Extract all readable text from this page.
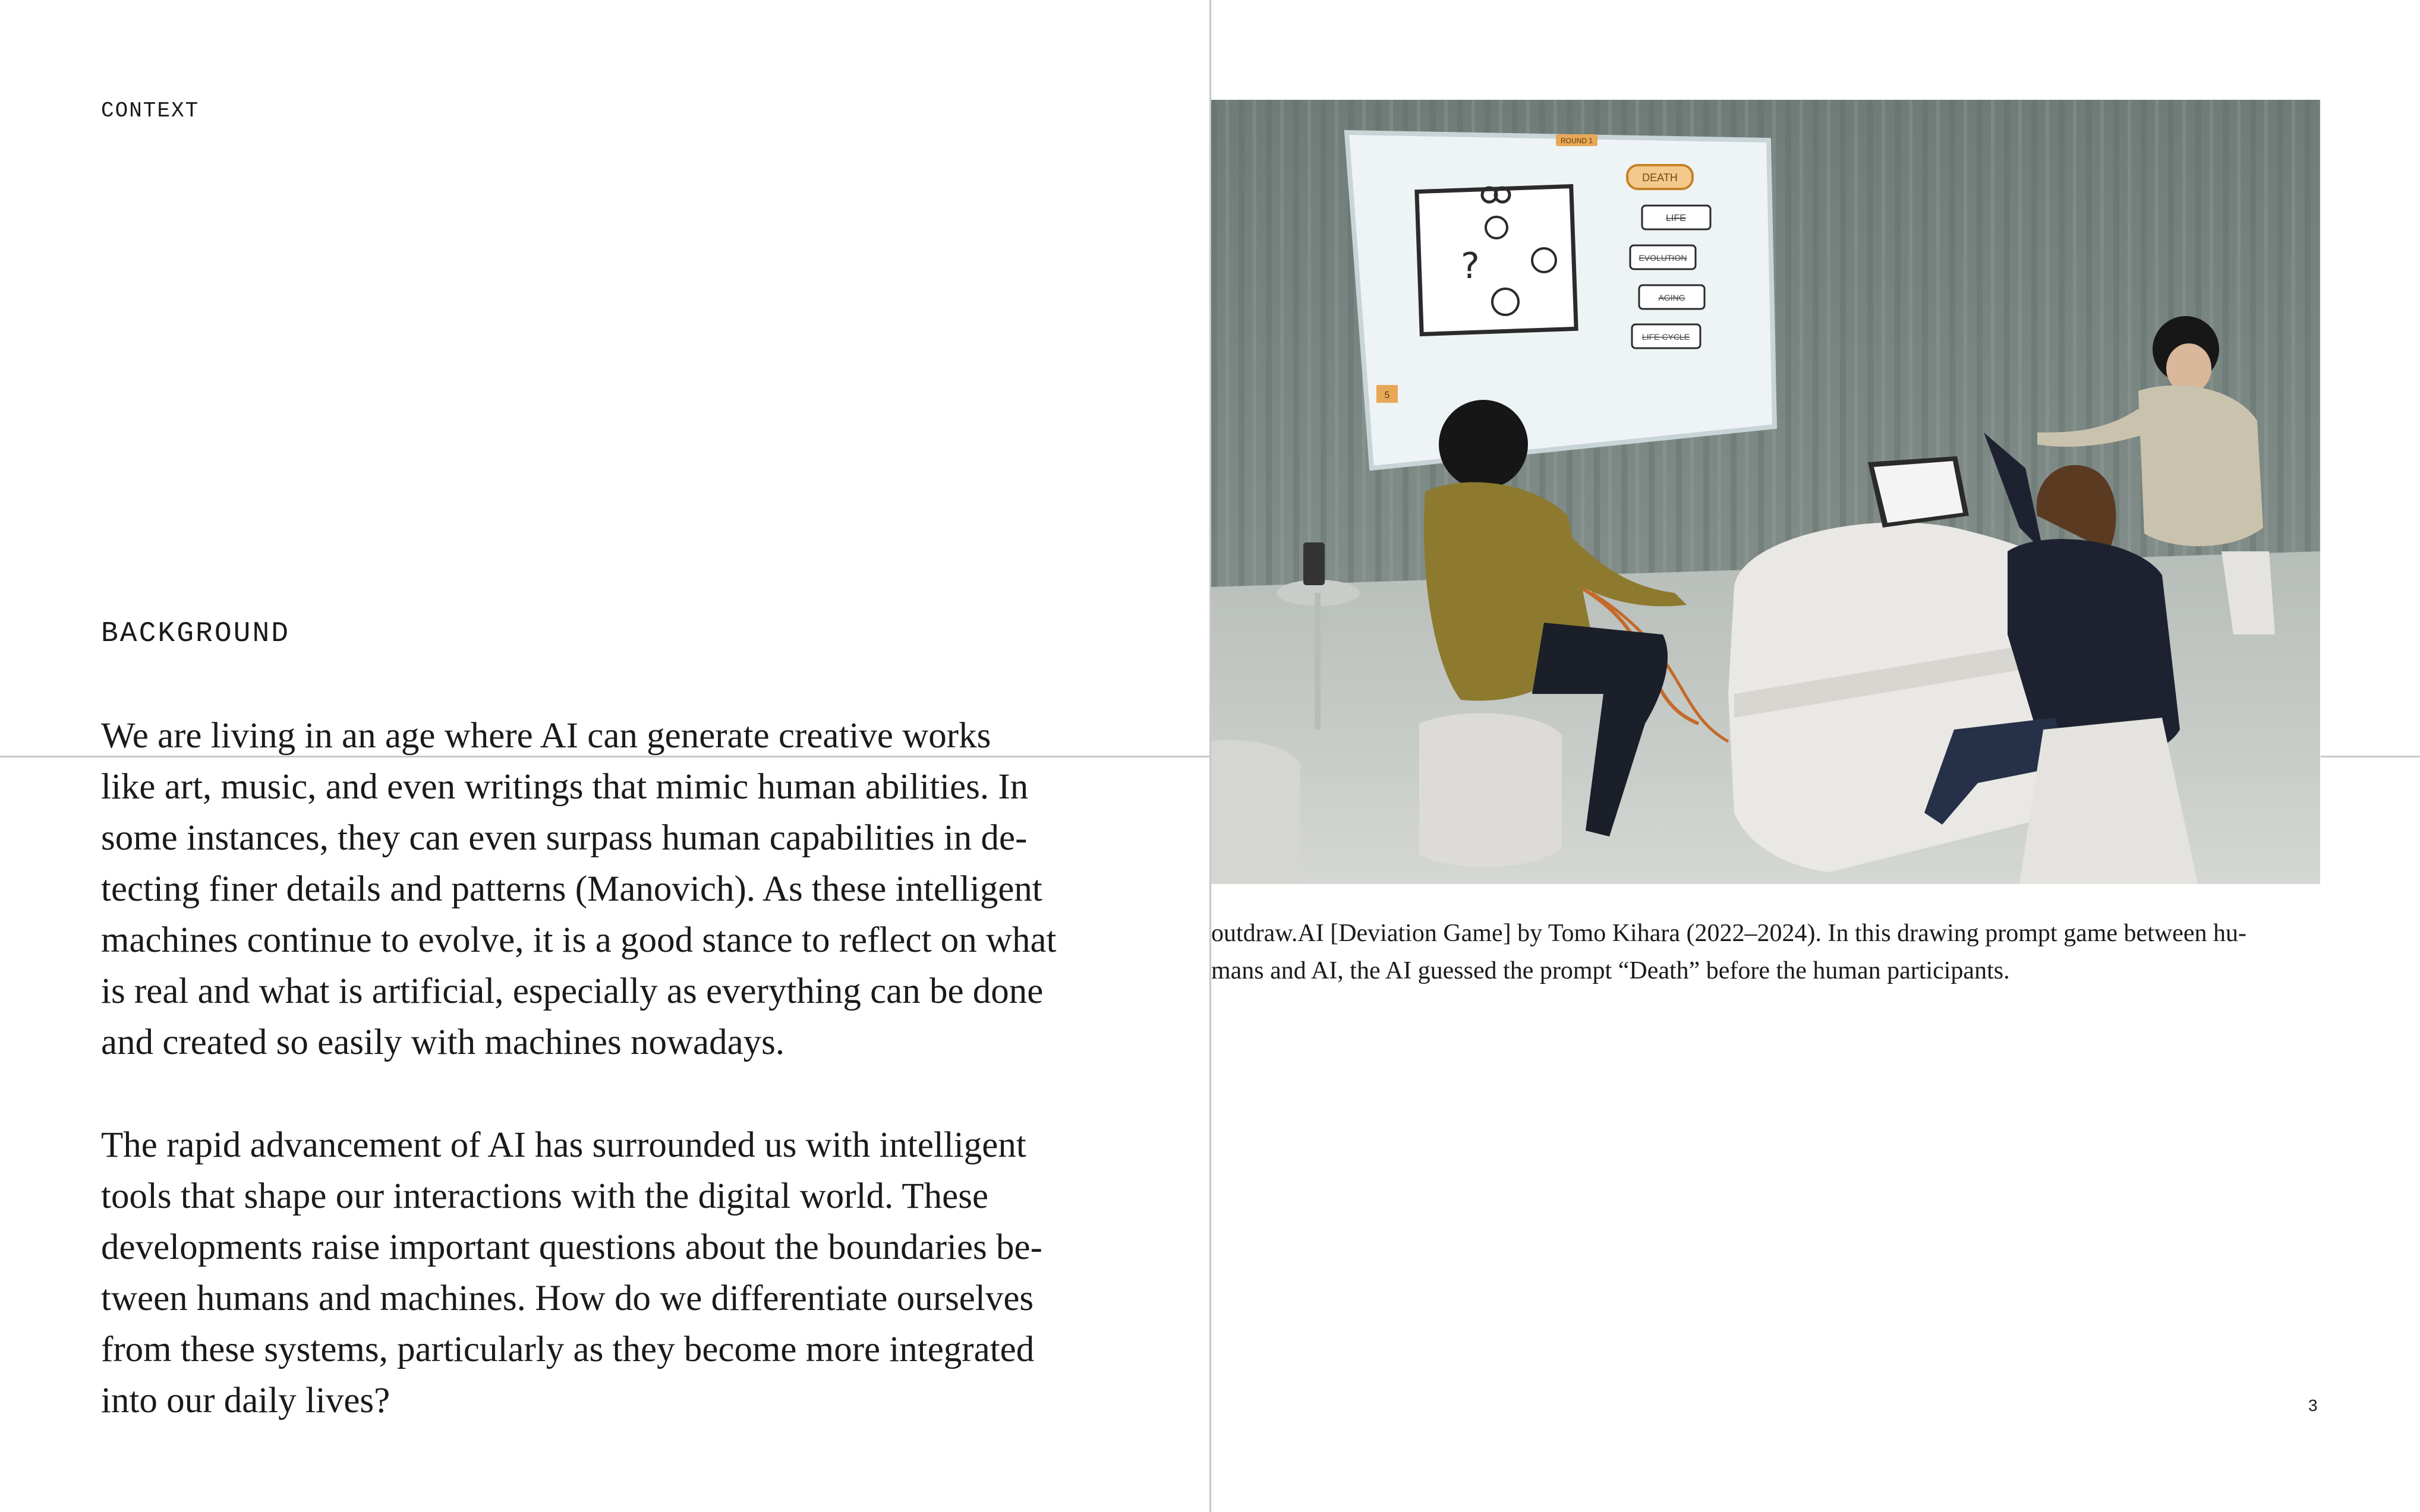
CONTEXT
BACKGROUND
We are living in an age where AI can generate creative works
like art, music, and even writings that mimic human abilities. In
some instances, they can even surpass human capabilities in de-
tecting finer details and patterns (Manovich). As these intelligent
machines continue to evolve, it is a good stance to reflect on what
is real and what is artificial, especially as everything can be done
and created so easily with machines nowadays.
The rapid advancement of AI has surrounded us with intelligent
tools that shape our interactions with the digital world. These
developments raise important questions about the boundaries be-
tween humans and machines. How do we differentiate ourselves
from these systems, particularly as they become more integrated
into our daily lives?
ROUND 1
?
DEATH
LIFE
EVOLUTION
AGING
LIFE CYCLE
5
outdraw.AI [Deviation Game] by Tomo Kihara (2022–2024). In this drawing prompt game between hu-
mans and AI, the AI guessed the prompt “Death” before the human participants.
3
